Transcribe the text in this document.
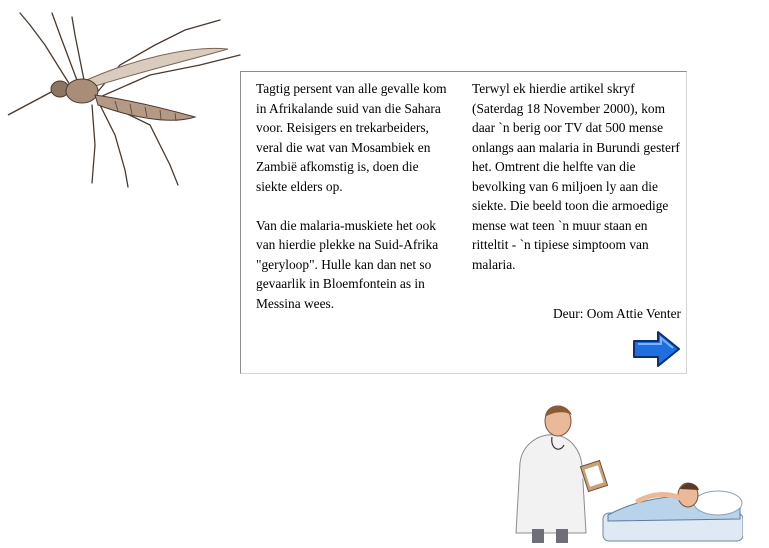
Tagtig persent van alle gevalle kom in Afrikalande suid van die Sahara voor. Reisigers en trekarbeiders, veral die wat van Mosambiek en Zambië afkomstig is, doen die siekte elders op.

Van die malaria-muskiete het ook van hierdie plekke na Suid-Afrika "geryloop". Hulle kan dan net so gevaarlik in Bloemfontein as in Messina wees.

Terwyl ek hierdie artikel skryf (Saterdag 18 November 2000), kom daar `n berig oor TV dat 500 mense onlangs aan malaria in Burundi gesterf het. Omtrent die helfte van die bevolking van 6 miljoen ly aan die siekte. Die beeld toon die armoedige mense wat teen `n muur staan en ritteltit - `n tipiese simptoom van malaria.

Deur: Oom Attie Venter
